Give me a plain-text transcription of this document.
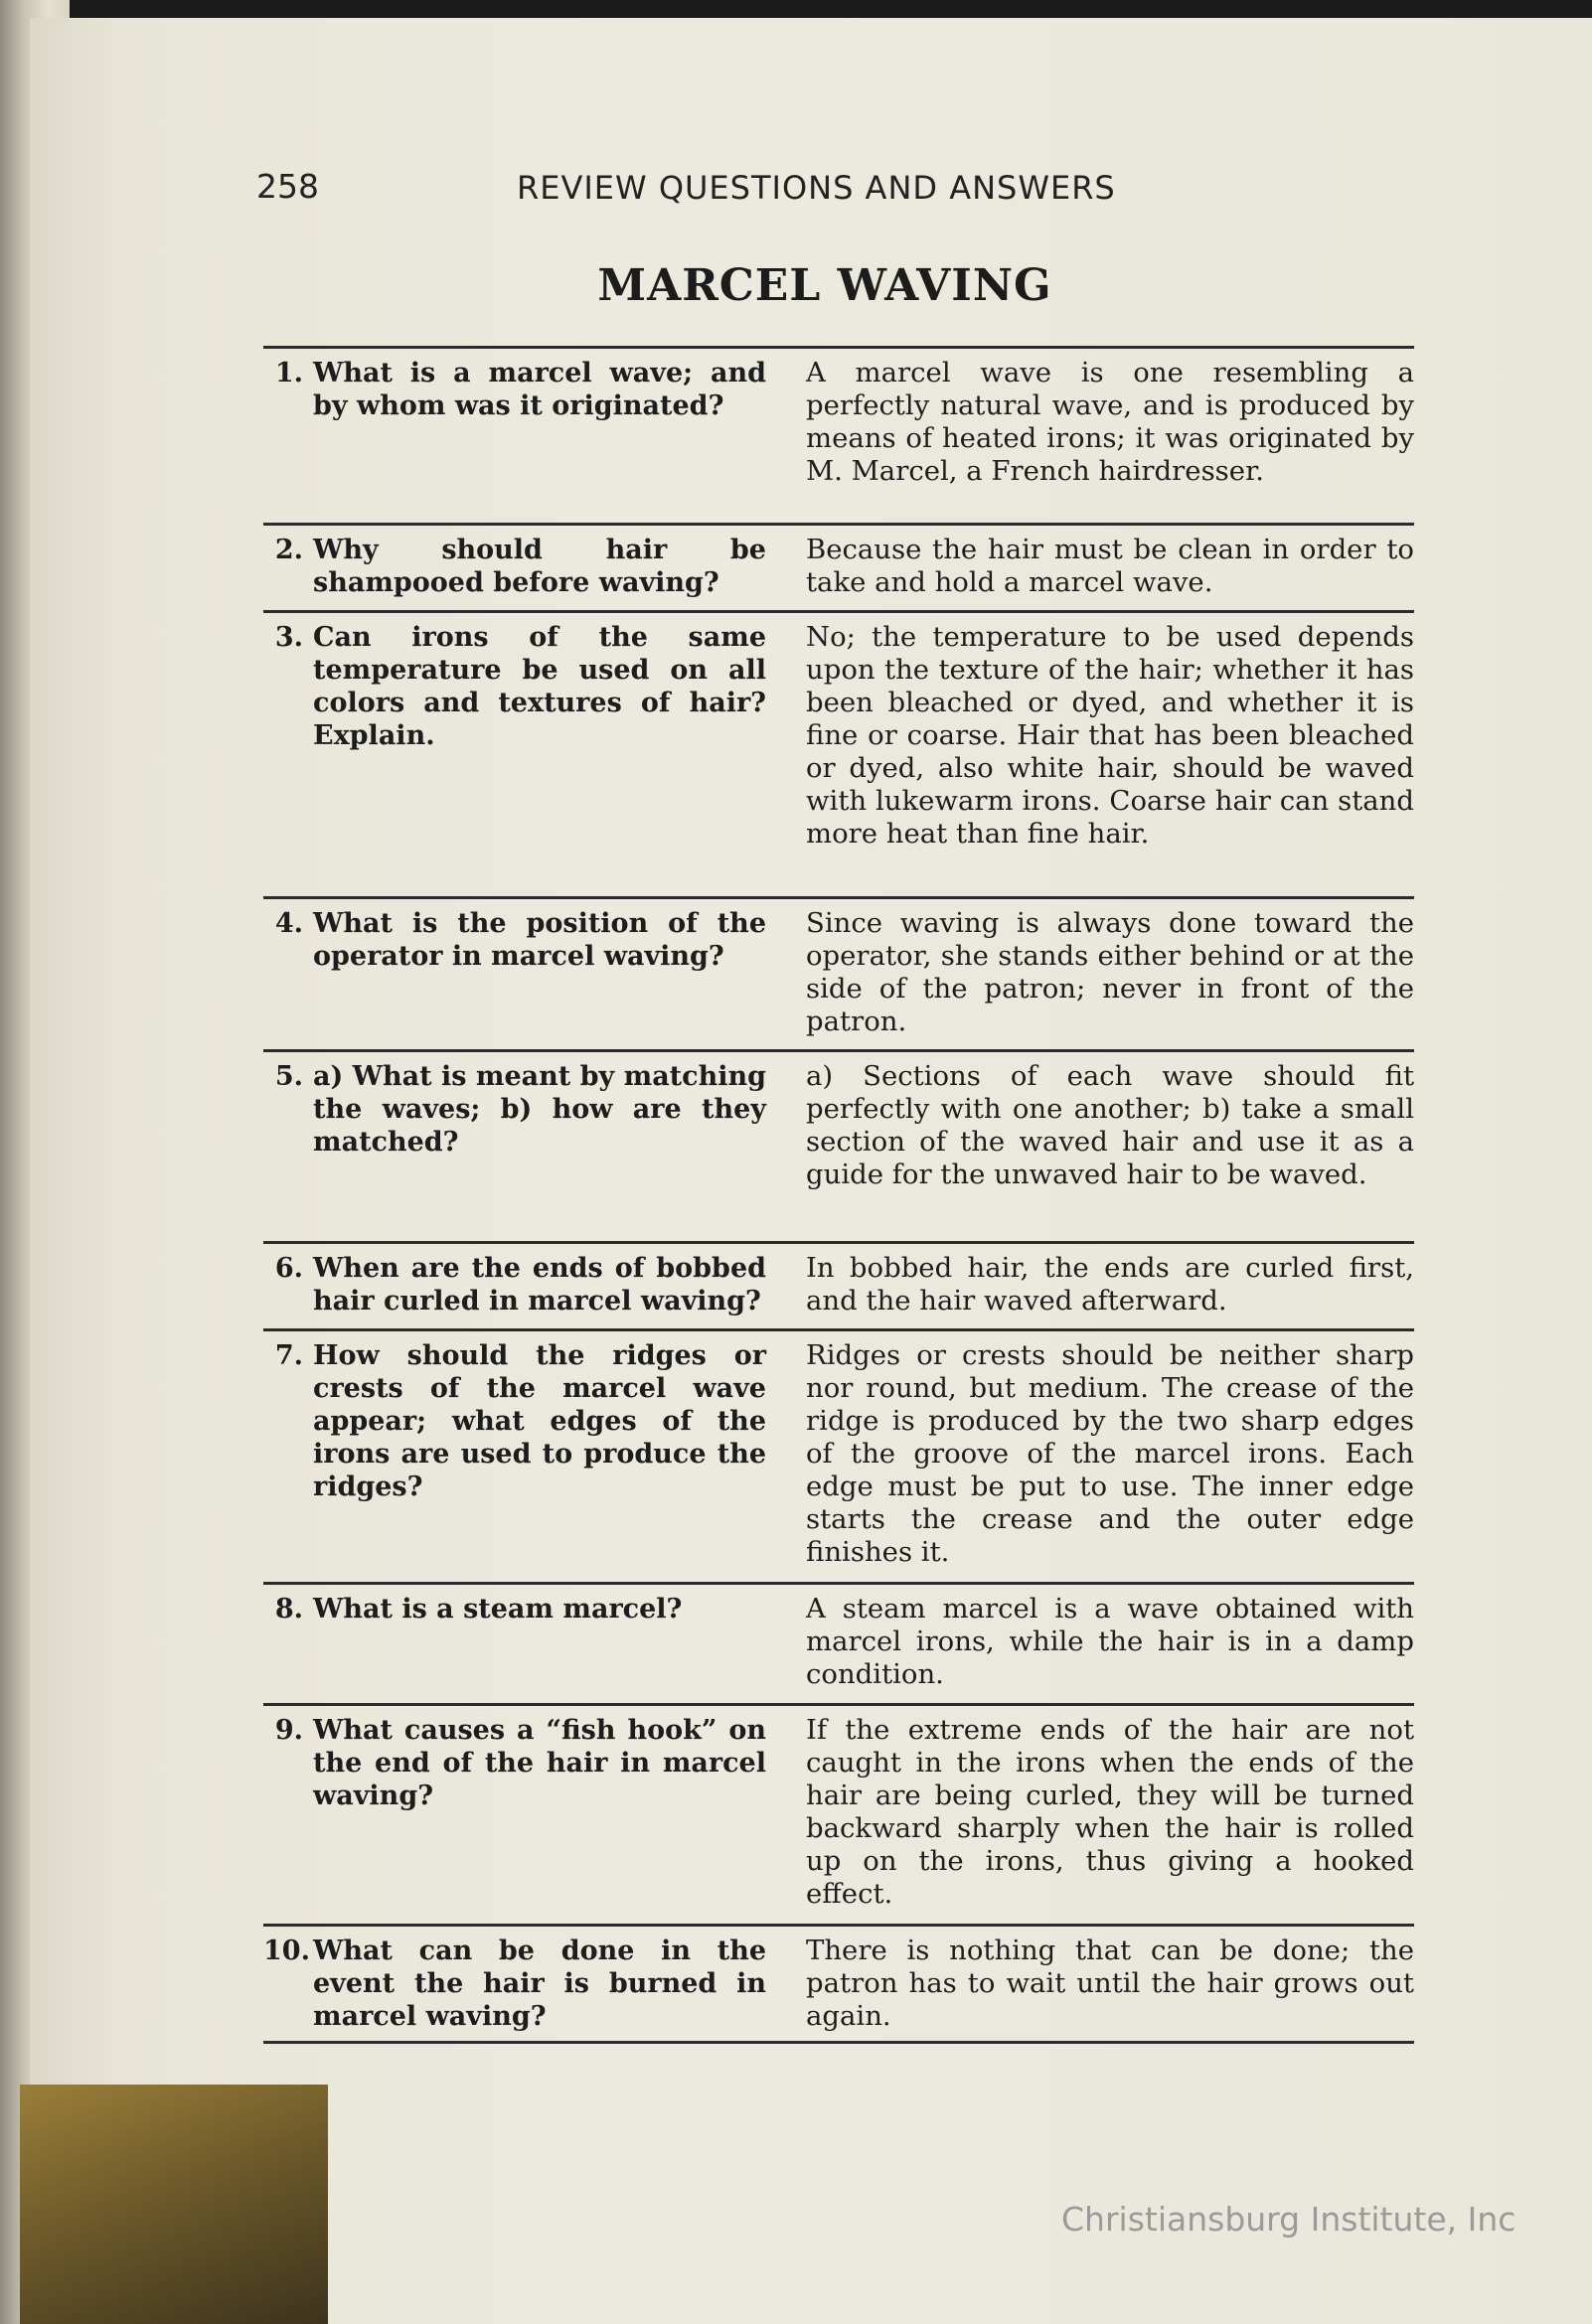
258	REVIEW QUESTIONS AND ANSWERS
MARCEL WAVING
1. What is a marcel wave; and by whom was it originated?
A marcel wave is one resembling a perfectly natural wave, and is produced by means of heated irons; it was originated by M. Marcel, a French hairdresser.
2. Why should hair be shampooed before waving?
Because the hair must be clean in order to take and hold a marcel wave.
3. Can irons of the same temperature be used on all colors and textures of hair? Explain.
No; the temperature to be used depends upon the texture of the hair; whether it has been bleached or dyed, and whether it is fine or coarse. Hair that has been bleached or dyed, also white hair, should be waved with lukewarm irons. Coarse hair can stand more heat than fine hair.
4. What is the position of the operator in marcel waving?
Since waving is always done toward the operator, she stands either behind or at the side of the patron; never in front of the patron.
5. a) What is meant by matching the waves; b) how are they matched?
a) Sections of each wave should fit perfectly with one another; b) take a small section of the waved hair and use it as a guide for the unwaved hair to be waved.
6. When are the ends of bobbed hair curled in marcel waving?
In bobbed hair, the ends are curled first, and the hair waved afterward.
7. How should the ridges or crests of the marcel wave appear; what edges of the irons are used to produce the ridges?
Ridges or crests should be neither sharp nor round, but medium. The crease of the ridge is produced by the two sharp edges of the groove of the marcel irons. Each edge must be put to use. The inner edge starts the crease and the outer edge finishes it.
8. What is a steam marcel?	A steam marcel is a wave obtained with marcel irons, while the hair is in a damp condition.
9. What causes a “fish hook” on the end of the hair in marcel waving?
If the extreme ends of the hair are not caught in the irons when the ends of the hair are being curled, they will be turned backward sharply when the hair is rolled up on the irons, thus giving a hooked effect.
10. What can be done in the event the hair is burned in marcel waving?
There is nothing that can be done; the patron has to wait until the hair grows out again.
Christiansburg Institute, Inc
